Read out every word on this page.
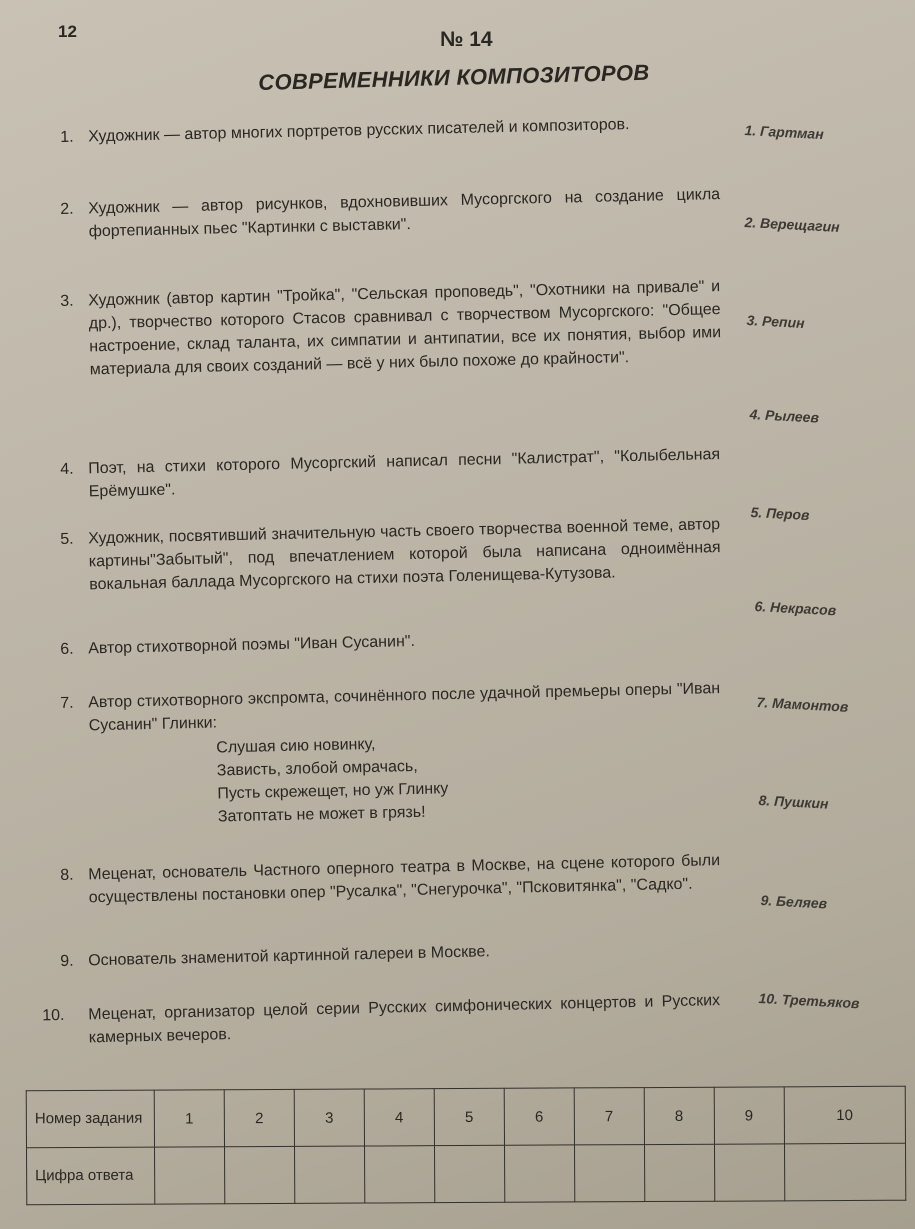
12	№ 14
СОВРЕМЕННИКИ КОМПОЗИТОРОВ
1. Художник — автор многих портретов русских писателей и композиторов.
2. Художник — автор рисунков, вдохновивших Мусоргского на создание цикла фортепианных пьес "Картинки с выставки".
3. Художник (автор картин "Тройка", "Сельская проповедь", "Охотники на привале" и др.), творчество которого Стасов сравнивал с творчеством Мусоргского: "Общее настроение, склад таланта, их симпатии и антипатии, все их понятия, выбор ими материала для своих созданий — всё у них было похоже до крайности".
4. Поэт, на стихи которого Мусоргский написал песни "Калистрат", "Колыбельная Ерёмушке".
5. Художник, посвятивший значительную часть своего творчества военной теме, автор картины"Забытый", под впечатлением которой была написана одноимённая вокальная баллада Мусоргского на стихи поэта Голенищева-Кутузова.
6. Автор стихотворной поэмы "Иван Сусанин".
7. Автор стихотворного экспромта, сочинённого после удачной премьеры оперы "Иван Сусанин" Глинки:
Слушая сию новинку,
Зависть, злобой омрачась,
Пусть скрежещет, но уж Глинку
Затоптать не может в грязь!
8. Меценат, основатель Частного оперного театра в Москве, на сцене которого были осуществлены постановки опер "Русалка", "Снегурочка", "Псковитянка", "Садко".
9. Основатель знаменитой картинной галереи в Москве.
10.	Меценат, организатор целой серии Русских симфонических концертов и Русских камерных вечеров.
1. Гартман
2. Верещагин
3. Репин
4. Рылеев
5. Перов
6. Некрасов
7. Мамонтов
8. Пушкин
9. Беляев
10. Третьяков
Номер задания	1	2	3	4	5	6	7	8	9	10
Цифра ответа										
